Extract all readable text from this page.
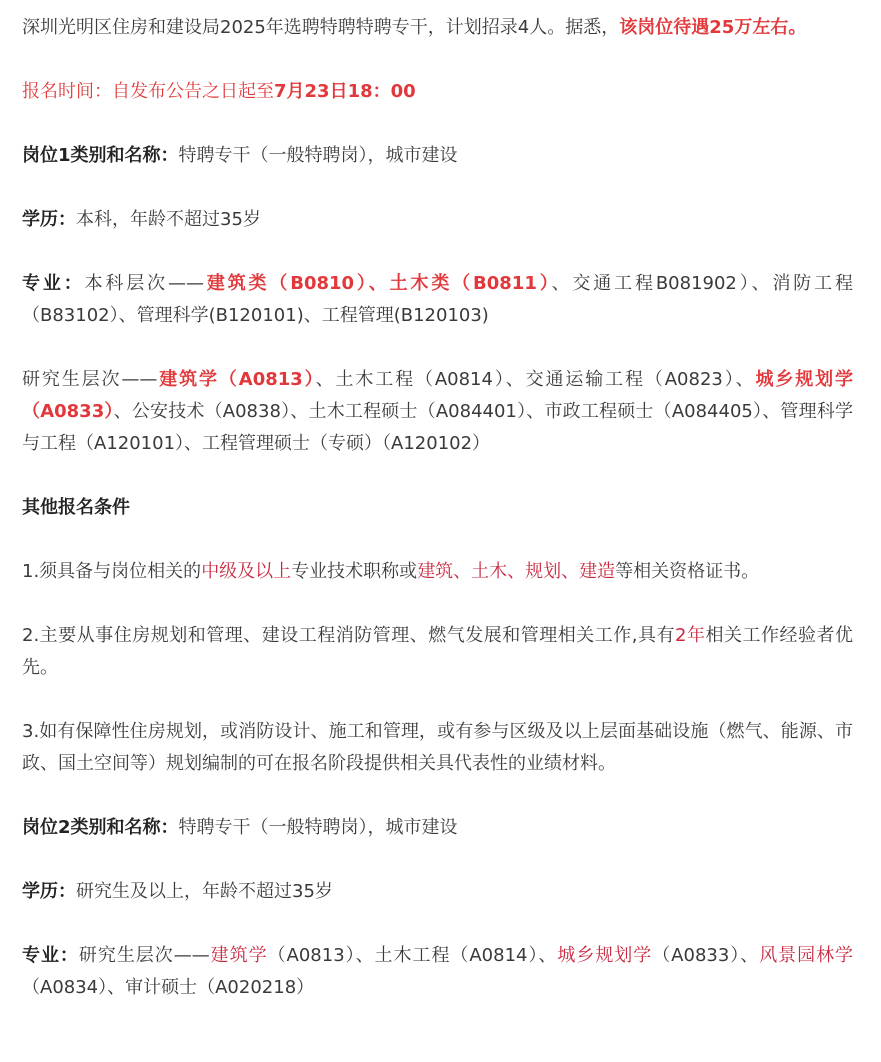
深圳光明区住房和建设局2025年选聘特聘特聘专干，计划招录4人。据悉，该岗位待遇25万左右。

报名时间：自发布公告之日起至7月23日18：00

岗位1类别和名称：特聘专干（一般特聘岗），城市建设

学历：本科，年龄不超过35岁

专业：本科层次——建筑类（B0810）、土木类（B0811）、交通工程B081902）、消防工程（B83102）、管理科学(B120101)、工程管理(B120103)

研究生层次——建筑学（A0813）、土木工程（A0814）、交通运输工程（A0823）、城乡规划学（A0833）、公安技术（A0838）、土木工程硕士（A084401）、市政工程硕士（A084405）、管理科学与工程（A120101）、工程管理硕士（专硕）（A120102）

其他报名条件

1.须具备与岗位相关的中级及以上专业技术职称或建筑、土木、规划、建造等相关资格证书。

2.主要从事住房规划和管理、建设工程消防管理、燃气发展和管理相关工作,具有2年相关工作经验者优先。

3.如有保障性住房规划，或消防设计、施工和管理，或有参与区级及以上层面基础设施（燃气、能源、市政、国土空间等）规划编制的可在报名阶段提供相关具代表性的业绩材料。

岗位2类别和名称：特聘专干（一般特聘岗），城市建设

学历：研究生及以上，年龄不超过35岁

专业：研究生层次——建筑学（A0813）、土木工程（A0814）、城乡规划学（A0833）、风景园林学（A0834）、审计硕士（A020218）
